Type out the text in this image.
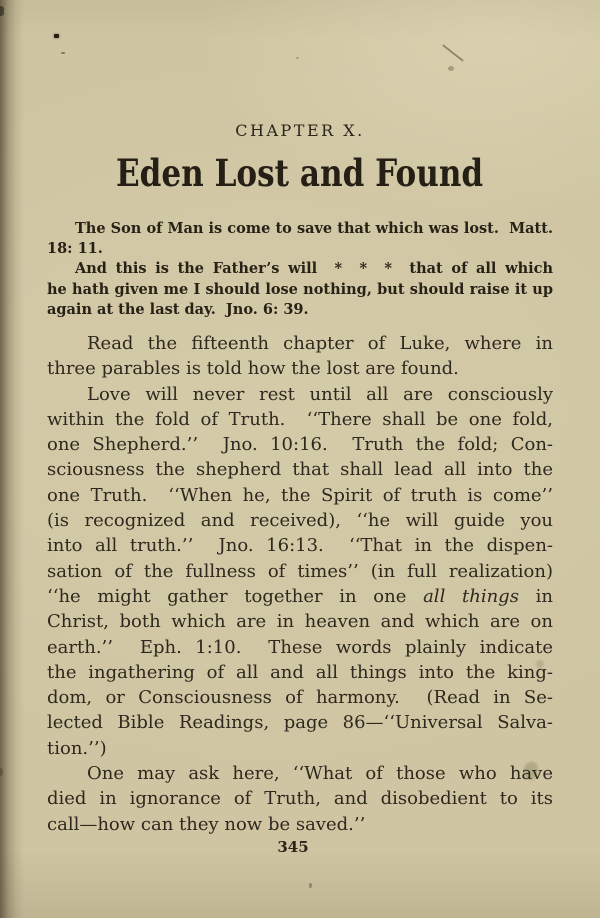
CHAPTER X.
Eden Lost and Found
The Son of Man is come to save that which was lost.  Matt.
18: 11.
And this is the Father’s will  *  *  *  that of all which
he hath given me I should lose nothing, but should raise it up
again at the last day.  Jno. 6: 39.
Read the fifteenth chapter of Luke, where in
three parables is told how the lost are found.
Love will never rest until all are consciously
within the fold of Truth.  ‘‘There shall be one fold,
one Shepherd.’’  Jno. 10:16.  Truth the fold; Con-
sciousness the shepherd that shall lead all into the
one Truth.  ‘‘When he, the Spirit of truth is come’’
(is recognized and received), ‘‘he will guide you
into all truth.’’  Jno. 16:13.  ‘‘That in the dispen-
sation of the fullness of times’’ (in full realization)
‘‘he might gather together in one all things in
Christ, both which are in heaven and which are on
earth.’’  Eph. 1:10.  These words plainly indicate
the ingathering of all and all things into the king-
dom, or Consciousness of harmony.  (Read in Se-
lected Bible Readings, page 86—‘‘Universal Salva-
tion.’’)
One may ask here, ‘‘What of those who have
died in ignorance of Truth, and disobedient to its
call—how can they now be saved.’’
345
